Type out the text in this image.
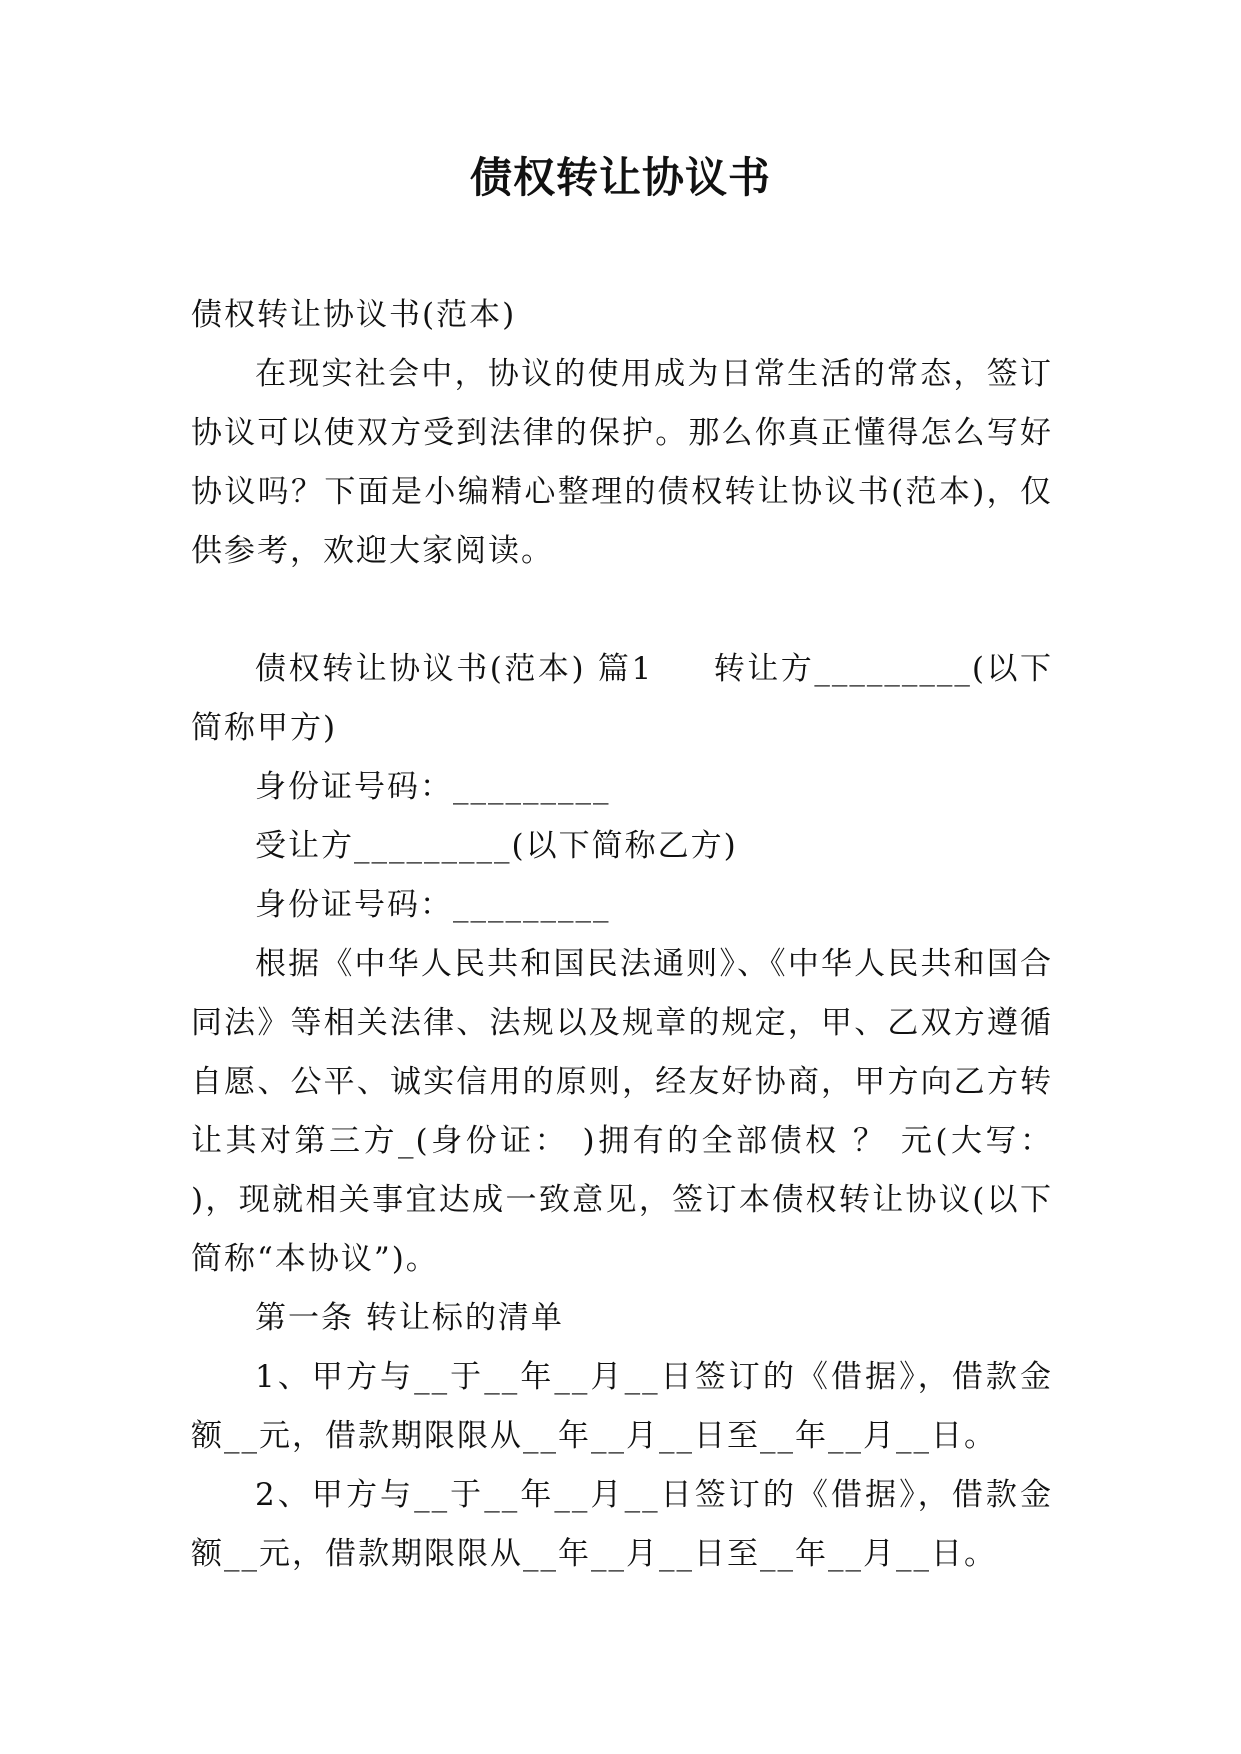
债权转让协议书

债权转让协议书(范本)

在现实社会中，协议的使用成为日常生活的常态，签订协议可以使双方受到法律的保护。那么你真正懂得怎么写好协议吗？下面是小编精心整理的债权转让协议书(范本)，仅供参考，欢迎大家阅读。

债权转让协议书(范本) 篇1 转让方_________(以下简称甲方)

身份证号码：_________

受让方_________(以下简称乙方)

身份证号码：_________

根据《中华人民共和国民法通则》、《中华人民共和国合同法》等相关法律、法规以及规章的规定，甲、乙双方遵循自愿、公平、诚实信用的原则，经友好协商，甲方向乙方转让其对第三方_(身份证： )拥有的全部债权 ？ 元(大写： )，现就相关事宜达成一致意见，签订本债权转让协议(以下简称“本协议”)。

第一条 转让标的清单

1、甲方与__于__年__月__日签订的《借据》，借款金额__元，借款期限限从__年__月__日至__年__月__日。

2、甲方与__于__年__月__日签订的《借据》，借款金额__元，借款期限限从__年__月__日至__年__月__日。
